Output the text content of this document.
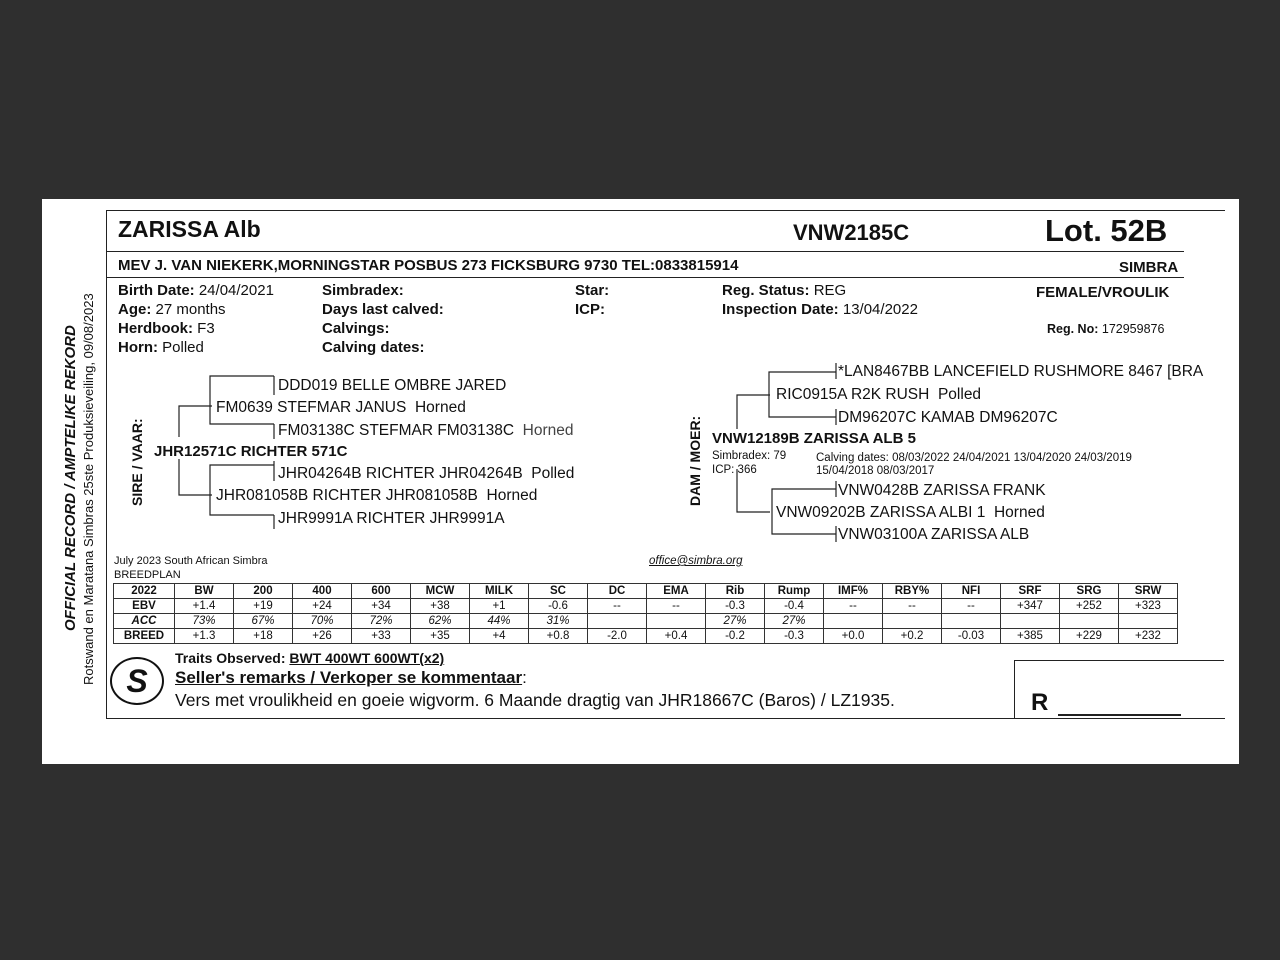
OFFICIAL RECORD / AMPTELIKE REKORD Rotswand en Maratana Simbras 25ste Produksieveiling, 09/08/2023
ZARISSA Alb	VNW2185C	Lot. 52B
MEV J. VAN NIEKERK,MORNINGSTAR POSBUS 273 FICKSBURG 9730 TEL:0833815914	SIMBRA
Birth Date: 24/04/2021
Age: 27 months
Herdbook: F3
Horn: Polled
Simbradex:
Days last calved:
Calvings:
Calving dates:
Star:
ICP:
Reg. Status: REG
Inspection Date: 13/04/2022
FEMALE/VROULIK
Reg. No: 172959876
SIRE / VAAR: JHR12571C RICHTER 571C
FM0639 STEFMAR JANUS Horned
DDD019 BELLE OMBRE JARED
FM03138C STEFMAR FM03138C Horned
JHR081058B RICHTER JHR081058B Horned
JHR04264B RICHTER JHR04264B Polled
JHR9991A RICHTER JHR9991A
DAM / MOER: VNW12189B ZARISSA ALB 5
Simbradex: 79
ICP: 366
Calving dates: 08/03/2022 24/04/2021 13/04/2020 24/03/2019
15/04/2018 08/03/2017
RIC0915A R2K RUSH Polled
*LAN8467BB LANCEFIELD RUSHMORE 8467 [BRA
DM96207C KAMAB DM96207C
VNW09202B ZARISSA ALBI 1 Horned
VNW0428B ZARISSA FRANK
VNW03100A ZARISSA ALB
July 2023 South African Simbra
BREEDPLAN
office@simbra.org
2022	BW	200	400	600	MCW	MILK	SC	DC	EMA	Rib	Rump	IMF%	RBY%	NFI	SRF	SRG	SRW
EBV	+1.4	+19	+24	+34	+38	+1	-0.6	--	--	-0.3	-0.4	--	--	--	+347	+252	+323
ACC	73%	67%	70%	72%	62%	44%	31%			27%	27%						
BREED	+1.3	+18	+26	+33	+35	+4	+0.8	-2.0	+0.4	-0.2	-0.3	+0.0	+0.2	-0.03	+385	+229	+232
S
Traits Observed: BWT 400WT 600WT(x2)
Seller's remarks / Verkoper se kommentaar:
Vers met vroulikheid en goeie wigvorm. 6 Maande dragtig van JHR18667C (Baros) / LZ1935.	R
